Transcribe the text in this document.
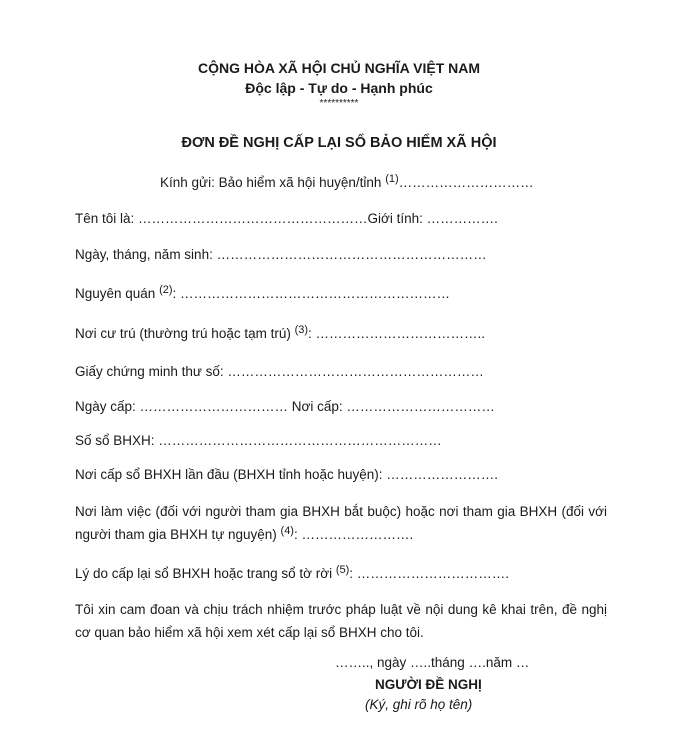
CỘNG HÒA XÃ HỘI CHỦ NGHĨA VIỆT NAM
Độc lập - Tự do - Hạnh phúc
**********
ĐƠN ĐỀ NGHỊ CẤP LẠI SỔ BẢO HIỂM XÃ HỘI
Kính gửi: Bảo hiểm xã hội huyện/tỉnh $^{(1)}$…………………………
Tên tôi là: ……………………………………………Giới tính: …………….
Ngày, tháng, năm sinh: ……………………………………………………
Nguyên quán $^{(2)}$: ……………………………………………………
Nơi cư trú (thường trú hoặc tạm trú) $^{(3)}$: ………………………………..
Giấy chứng minh thư số: …………………………………………………
Ngày cấp: …………………………… Nơi cấp: ……………………………
Số sổ BHXH: ………………………………………………………
Nơi cấp sổ BHXH lần đầu (BHXH tỉnh hoặc huyện): …………………….
Nơi làm việc (đối với người tham gia BHXH bắt buộc) hoặc nơi tham gia BHXH (đối với người tham gia BHXH tự nguyện) $^{(4)}$: …………………….
Lý do cấp lại sổ BHXH hoặc trang sổ tờ rời $^{(5)}$: …………………………….
Tôi xin cam đoan và chịu trách nhiệm trước pháp luật về nội dung kê khai trên, đề nghị cơ quan bảo hiểm xã hội xem xét cấp lại sổ BHXH cho tôi.
…….., ngày …..tháng ….năm …
NGƯỜI ĐỀ NGHỊ
(Ký, ghi rõ họ tên)
